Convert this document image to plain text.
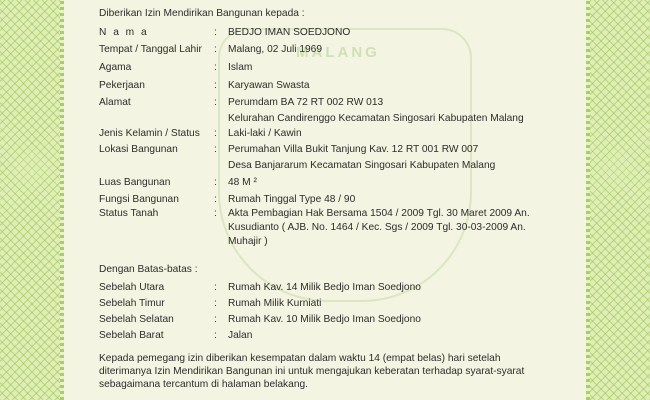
MALANG
Diberikan Izin Mendirikan Bangunan kepada :
N a m a	: BEDJO IMAN SOEDJONO
Tempat / Tanggal Lahir : Malang, 02 Juli 1969
Agama	: Islam
Pekerjaan	: Karyawan Swasta
Alamat	: Perumdam BA 72 RT 002 RW 013
Kelurahan Candirenggo Kecamatan Singosari Kabupaten Malang
Jenis Kelamin / Status : Laki-laki / Kawin
Lokasi Bangunan	: Perumahan Villa Bukit Tanjung Kav. 12 RT 001 RW 007
Desa Banjararum Kecamatan Singosari Kabupaten Malang
Luas Bangunan	: 48 M ²
Fungsi Bangunan	: Rumah Tinggal Type 48 / 90
Status Tanah	: Akta Pembagian Hak Bersama 1504 / 2009 Tgl. 30 Maret 2009 An.
Kusudianto ( AJB. No. 1464 / Kec. Sgs / 2009 Tgl. 30-03-2009 An.
Muhajir )
Dengan Batas-batas :
Sebelah Utara	: Rumah Kav. 14 Milik Bedjo Iman Soedjono
Sebelah Timur	: Rumah Milik Kurniati
Sebelah Selatan	: Rumah Kav. 10 Milik Bedjo Iman Soedjono
Sebelah Barat	: Jalan
Kepada pemegang izin diberikan kesempatan dalam waktu 14 (empat belas) hari setelah
diterimanya Izin Mendirikan Bangunan ini untuk mengajukan keberatan terhadap syarat-syarat
sebagaimana tercantum di halaman belakang.
